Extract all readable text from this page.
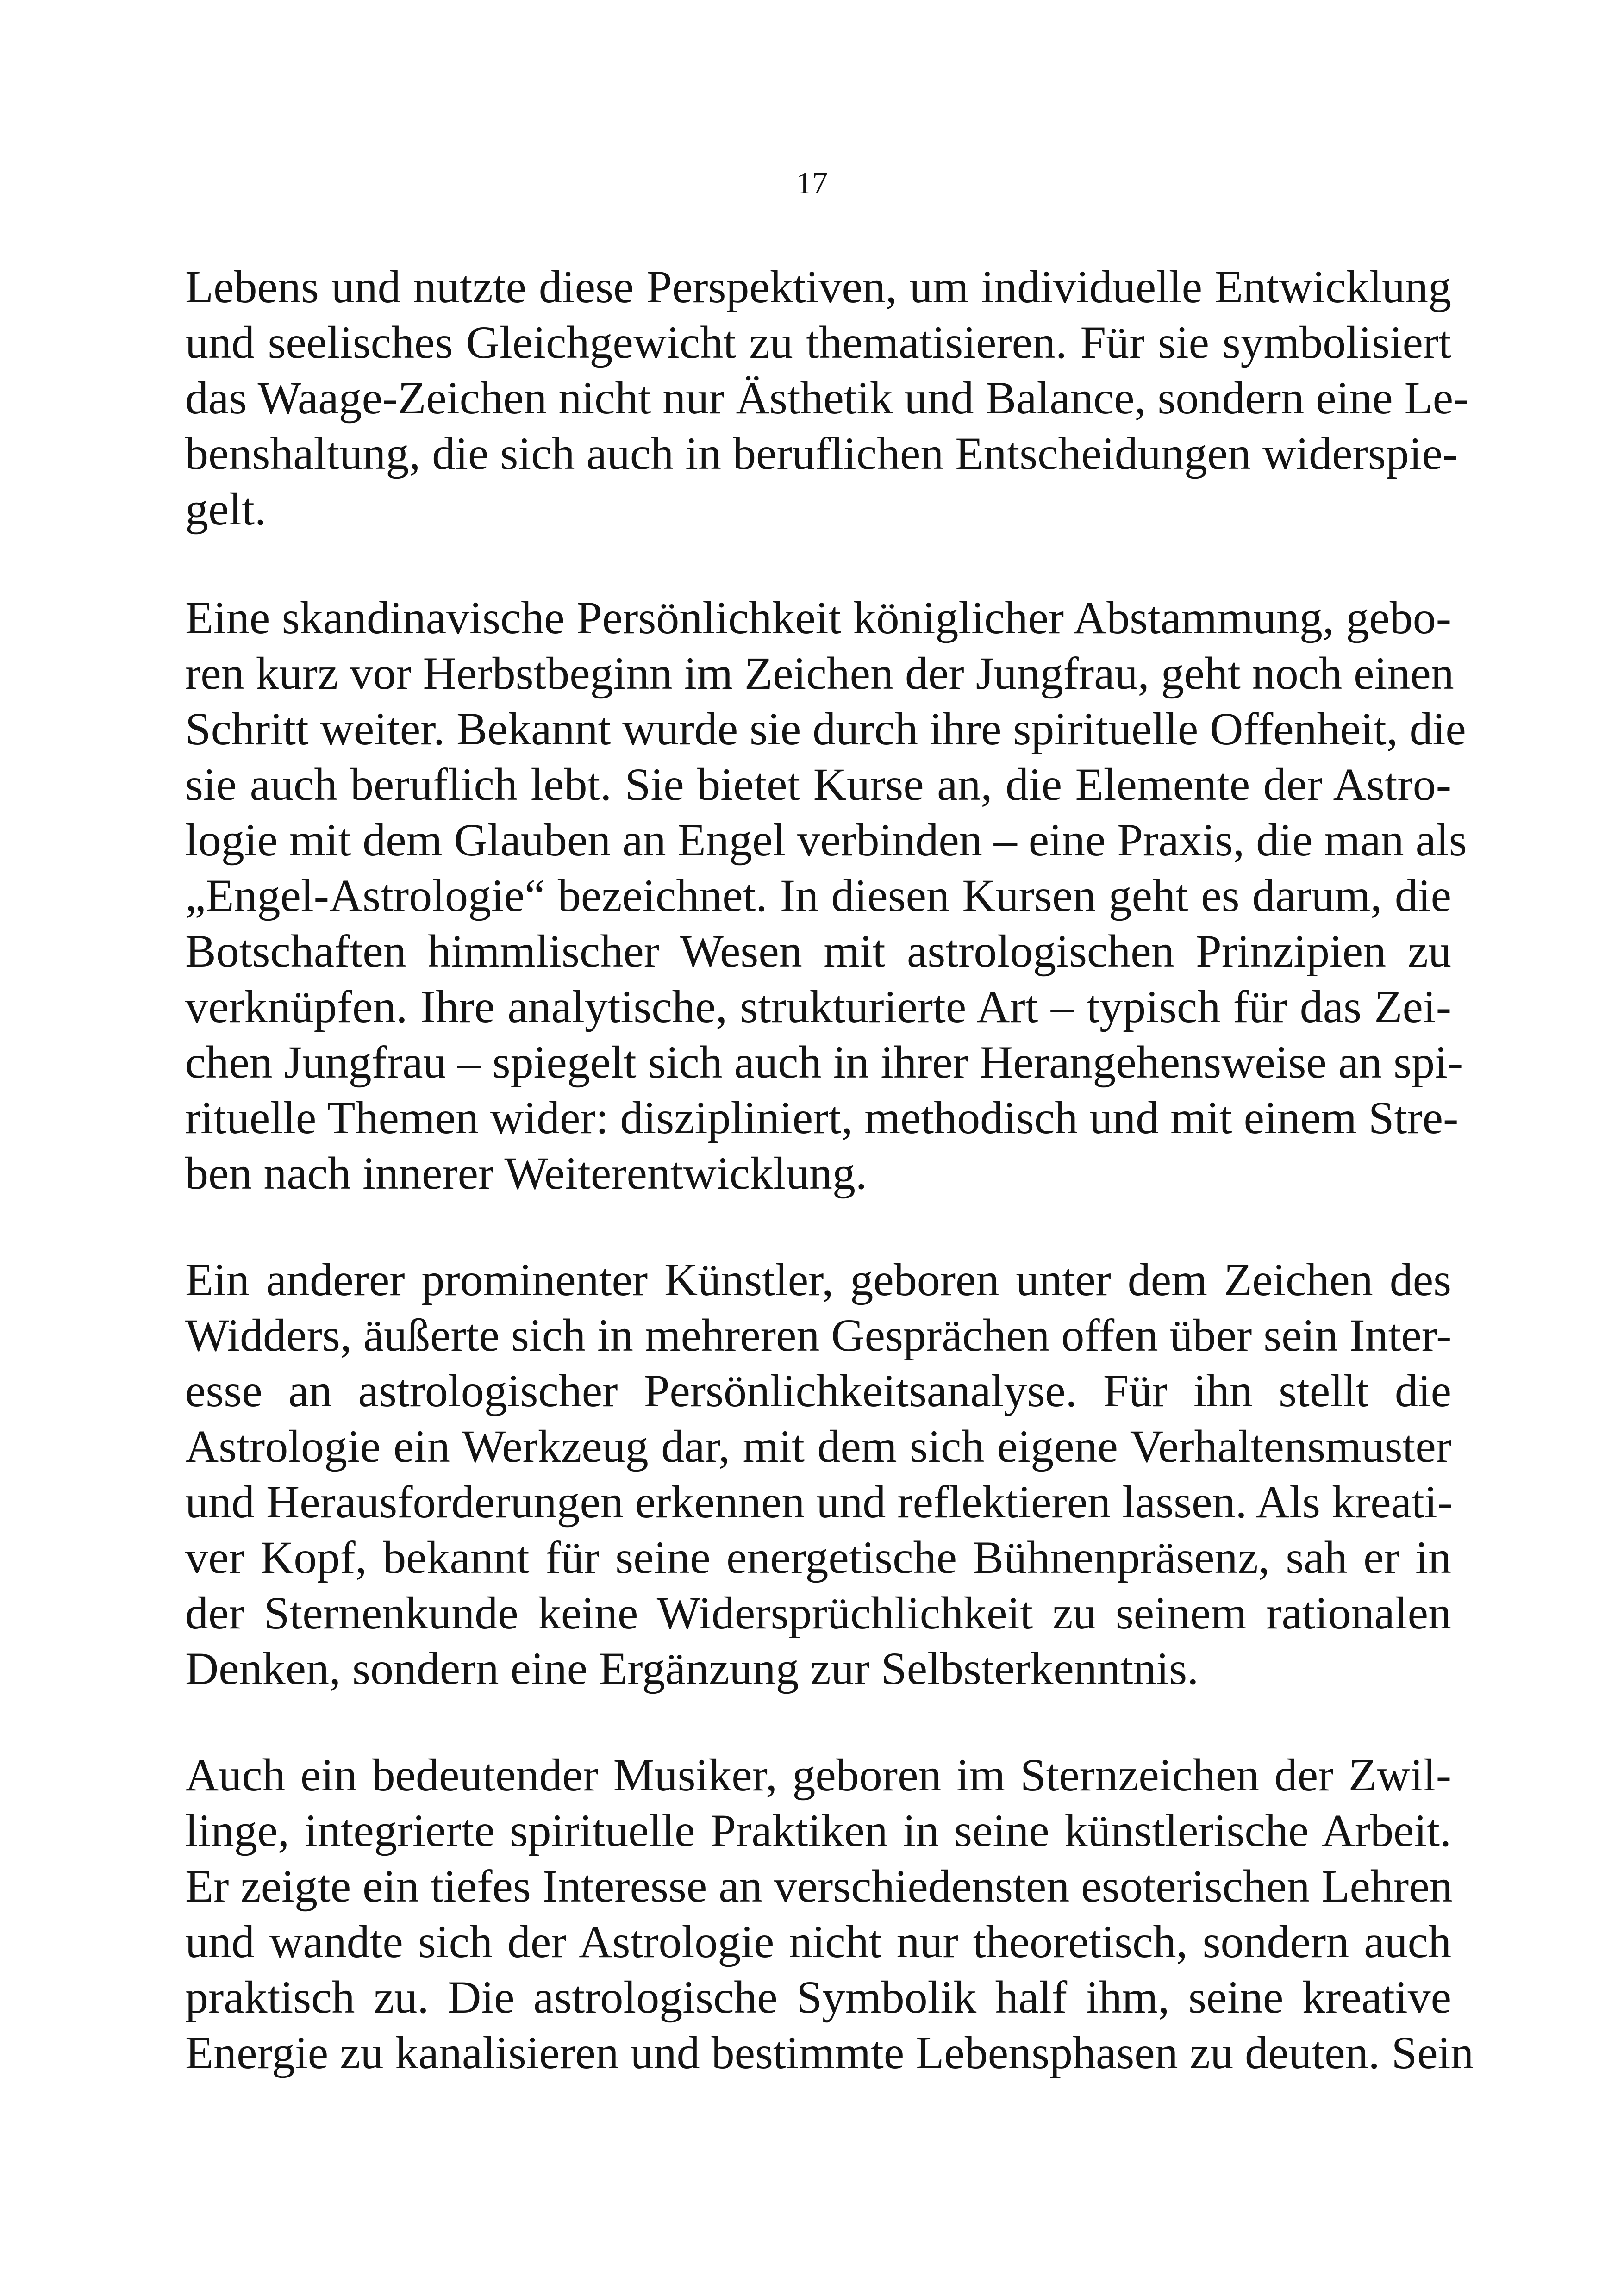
17
Lebens und nutzte diese Perspektiven, um individuelle Entwicklung
und seelisches Gleichgewicht zu thematisieren. Für sie symbolisiert
das Waage-Zeichen nicht nur Ästhetik und Balance, sondern eine Le-
benshaltung, die sich auch in beruflichen Entscheidungen widerspie-
gelt.
Eine skandinavische Persönlichkeit königlicher Abstammung, gebo-
ren kurz vor Herbstbeginn im Zeichen der Jungfrau, geht noch einen
Schritt weiter. Bekannt wurde sie durch ihre spirituelle Offenheit, die
sie auch beruflich lebt. Sie bietet Kurse an, die Elemente der Astro-
logie mit dem Glauben an Engel verbinden – eine Praxis, die man als
„Engel-Astrologie“ bezeichnet. In diesen Kursen geht es darum, die
Botschaften himmlischer Wesen mit astrologischen Prinzipien zu
verknüpfen. Ihre analytische, strukturierte Art – typisch für das Zei-
chen Jungfrau – spiegelt sich auch in ihrer Herangehensweise an spi-
rituelle Themen wider: diszipliniert, methodisch und mit einem Stre-
ben nach innerer Weiterentwicklung.
Ein anderer prominenter Künstler, geboren unter dem Zeichen des
Widders, äußerte sich in mehreren Gesprächen offen über sein Inter-
esse an astrologischer Persönlichkeitsanalyse. Für ihn stellt die
Astrologie ein Werkzeug dar, mit dem sich eigene Verhaltensmuster
und Herausforderungen erkennen und reflektieren lassen. Als kreati-
ver Kopf, bekannt für seine energetische Bühnenpräsenz, sah er in
der Sternenkunde keine Widersprüchlichkeit zu seinem rationalen
Denken, sondern eine Ergänzung zur Selbsterkenntnis.
Auch ein bedeutender Musiker, geboren im Sternzeichen der Zwil-
linge, integrierte spirituelle Praktiken in seine künstlerische Arbeit.
Er zeigte ein tiefes Interesse an verschiedensten esoterischen Lehren
und wandte sich der Astrologie nicht nur theoretisch, sondern auch
praktisch zu. Die astrologische Symbolik half ihm, seine kreative
Energie zu kanalisieren und bestimmte Lebensphasen zu deuten. Sein
